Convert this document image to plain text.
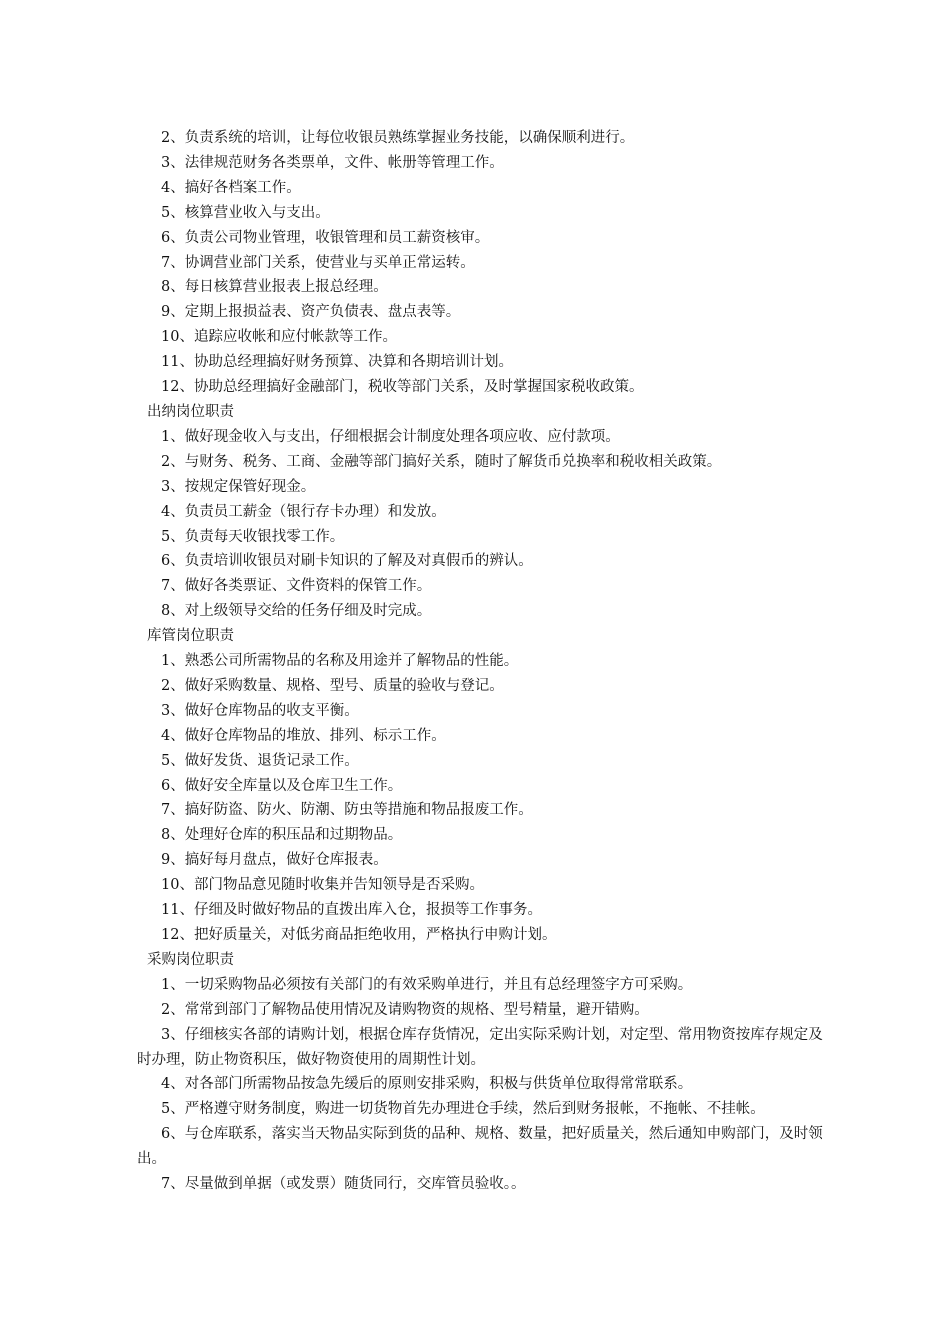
2、负责系统的培训，让每位收银员熟练掌握业务技能，以确保顺利进行。

3、法律规范财务各类票单，文件、帐册等管理工作。

4、搞好各档案工作。

5、核算营业收入与支出。

6、负责公司物业管理，收银管理和员工薪资核审。

7、协调营业部门关系，使营业与买单正常运转。

8、每日核算营业报表上报总经理。

9、定期上报损益表、资产负债表、盘点表等。

10、追踪应收帐和应付帐款等工作。

11、协助总经理搞好财务预算、决算和各期培训计划。

12、协助总经理搞好金融部门，税收等部门关系，及时掌握国家税收政策。

出纳岗位职责

1、做好现金收入与支出，仔细根据会计制度处理各项应收、应付款项。

2、与财务、税务、工商、金融等部门搞好关系，随时了解货币兑换率和税收相关政策。

3、按规定保管好现金。

4、负责员工薪金（银行存卡办理）和发放。

5、负责每天收银找零工作。

6、负责培训收银员对刷卡知识的了解及对真假币的辨认。

7、做好各类票证、文件资料的保管工作。

8、对上级领导交给的任务仔细及时完成。

库管岗位职责

1、熟悉公司所需物品的名称及用途并了解物品的性能。

2、做好采购数量、规格、型号、质量的验收与登记。

3、做好仓库物品的收支平衡。

4、做好仓库物品的堆放、排列、标示工作。

5、做好发货、退货记录工作。

6、做好安全库量以及仓库卫生工作。

7、搞好防盗、防火、防潮、防虫等措施和物品报废工作。

8、处理好仓库的积压品和过期物品。

9、搞好每月盘点，做好仓库报表。

10、部门物品意见随时收集并告知领导是否采购。

11、仔细及时做好物品的直拨出库入仓，报损等工作事务。

12、把好质量关，对低劣商品拒绝收用，严格执行申购计划。

采购岗位职责

1、一切采购物品必须按有关部门的有效采购单进行，并且有总经理签字方可采购。

2、常常到部门了解物品使用情况及请购物资的规格、型号精量，避开错购。

3、仔细核实各部的请购计划，根据仓库存货情况，定出实际采购计划，对定型、常用物资按库存规定及时办理，防止物资积压，做好物资使用的周期性计划。

4、对各部门所需物品按急先缓后的原则安排采购，积极与供货单位取得常常联系。

5、严格遵守财务制度，购进一切货物首先办理进仓手续，然后到财务报帐，不拖帐、不挂帐。

6、与仓库联系，落实当天物品实际到货的品种、规格、数量，把好质量关，然后通知申购部门，及时领出。

7、尽量做到单据（或发票）随货同行，交库管员验收。。
